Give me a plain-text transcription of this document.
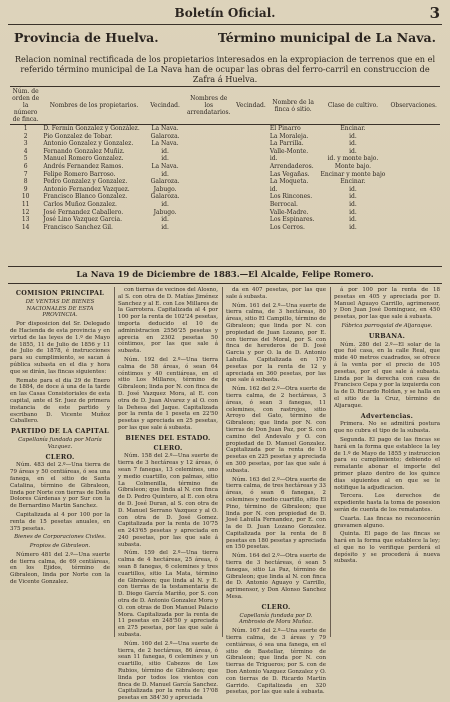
Boletín Oficial.	3
Provincia de Huelva.	Término municipal de La Nava.
Relacion nominal rectificada de los propietarios interesados en la expropiacion de terrenos que en el referido término municipal de La Nava han de ocupar las obras del ferro-carril en construccion de Zafra á Huelva.
Núm. de orden de la número de finca.	Nombres de los propietarios.	Vecindad.	Nombres de los arrendatarios.	Vecindad.	Nombre de la finca ó sitio.	Clase de cultivo.	Observaciones.
1	D. Fermin Gonzalez y González.	La Nava.			El Pinarro	Encinar.	
2	Pio Gonzalez de Tobar.	Galaroza.			La Moraleja.	id.	
3	Antonio Gonzalez y Gonzalez.	La Nava.			La Parrilla.	id.	
4	Fernando Gonzalez Muñiz.	id.			Valle-Monte.	id.	
5	Manuel Romero Gonzalez.	id.			id.	id. y monte bajo.	
6	Andrés Fernandez Ramos.	La Nava.			Arrendaderos.	Monte bajo.	
7	Felipe Romero Barroso.	id.			Las Vegañas.	Encinar y monte bajo	
8	Pedro Gonzalez y Gonzalez.	Galaroza.			La Moqueta.	Encinar.	
9	Antonio Fernandez Vazquez.	Jabugo.			id.	id.	
10	Francisco Blanco Gonzalez.	Galaroza.			Los Rincones.	id.	
11	Carlos Muñoz Gonzalez.	id.			Berrocal.	id.	
12	José Fernandez Caballero.	Jabugo.			Valle-Madre.	id.	
13	José Lino Vazquez Garcia.	id.			Los Espinares.	id.	
14	Francisco Sanchez Gil.	id.			Los Cerros.	id.	
La Nava 19 de Diciembre de 1883.—El Alcalde, Felipe Romero.
COMISION PRINCIPAL
DE VENTAS DE BIENES NACIONALES DE ESTA PROVINCIA.

Por disposicion del Sr. Delegado de Hacienda de esta provincia y en virtud de las leyes de 1.º de Mayo de 1855, 11 de Julio de 1856 y 11 de Julio de 1878, é instrucciones para su cumplimiento, se sacan á pública subasta en el dia y hora que se dirán, las fincas siguientes:

Remate para el dia 29 de Enero de 1884, de doce á una de la tarde en las Casas Consistoriales de esta capital, ante el Sr. Juez de primera instancia de este partido y escribano D. Vicente Muñoz Caballero.

PARTIDO DE LA CAPITAL
Capellanía fundada por María Vazquez.
CLERO.

Núm. 483 del 2.º—Una tierra de 79 áreas y 50 centiáreas, ó sea una fanega, en el sitio de Santa Catalina, término de Gibraleon, linda por Norte con tierras de Doña Dolores Cárdenas y por Sur con la de Bernardino Martin Sanchez.

Capitalizada al 4 por 100 por la renta de 15 pesetas anuales, en 375 pesetas.

Bienes de Corporaciones Civiles.
Propios de Gibraleon.

Número 481 del 2.º—Una suerte de tierra calma, de 69 centiáreas, en los Ejidos, término de Gibraleon, linda por Norte con la de Vicente Gonzalez.

con tierras de vecinos del Alosno, al S. con otra de D. Matías Jiménez Sanchez y al E. con Los Millares de la Garrotera. Capitalizada al 4 por 100 por la renta de 102'24 pesetas, importa deducido el 10 de administracion 2556'25 pesetas y aprecia en 2302 pesetas 50 céntimos, por las que sale á subasta.

Núm. 192 del 2.º—Una tierra calma de 58 áreas, ó sean 64 céntimos y 40 centiáreas, en el sitio Los Millares, término de Gibraleon; linda por N. con finca de D. José Vazquez Mora, al E. con otra de D. Juan Alvarez y al O. con la Dehesa del Jaque. Capitalizada por la renta de 1 peseta en 22'50 pesetas y apreciada en 25 pesetas, por las que sale á subasta.

BIENES DEL ESTADO.
CLERO.

Núm. 158 del 2.º—Una suerte de tierra de 3 hectáreas y 12 áreas, ó sean 7 fanegas, 13 celemines, uno y medio cuartillo, con palmas, sitio La Colmenilla, término de Gibraleon; que linda al N. con finca de D. Pedro Quintero, al E. con otra de D. José Duran, al S. con otra de D. Manuel Serrano Vazquez y al O. con otra de D. José Gomez. Capitalizada por la renta de 10'75 en 243'65 pesetas y apreciada en 240 pesetas, por las que sale á subasta.

Núm. 159 del 2.º—Una tierra calma de 4 hectáreas, 25 áreas, ó sean 8 fanegas, 6 celemines y tres cuartillos, sitio La Mata, término de Gibraleon; que linda al N. y E. con tierras de la testamentaria de D. Diego García Mariño, por S. con otra de D. Antonio Gonzalez Mora y O. con otras de Don Manuel Palacio Mora. Capitalizada por la renta de 11 pesetas en 248'50 y apreciada en 275 pesetas, por las que sale á subasta.

Núm. 160 del 2.º—Una suerte de tierra, de 2 hectáreas, 86 áreas, ó sean 11 fanegas, 6 celemines y un cuartillo, sitio Cabezos de Los Rubios, término de Gibraleon; que linda por todos los vientos con finca de D. Manuel García Sanchez. Capitalizada por la renta de 17'08 pesetas en 384'30 y apreciada

da en 407 pesetas, por las que sale á subasta.

Núm. 161 del 2.º—Una suerte de tierra calma, de 3 hectáreas, 80 áreas, sitio El Campillo, término de Gibraleon; que linda por N. con propiedad de Juan Lozano, por E. con tierras del Moral, por S. con finca de herederos de D. José Garcia y por O. la de D. Antonio Lahulla. Capitalizada en 170 pesetas por la renta de 12 y apreciada en 360 pesetas, por las que sale á subasta.

Núm. 162 del 2.º—Otra suerte de tierra calma, de 2 hectáreas, 3 áreas, ó sean 3 fanegas, 11 celemines, con rastrojos, sitio Arroyo del Gato, término de Gibraleon; que linda por N. con tierras de Don Juan Paz, por S. con camino del Andevalo y O. con propiedad de D. Manuel Gonzalez. Capitalizada por la renta de 10 pesetas en 225 pesetas y apreciada en 300 pesetas, por las que sale á subasta.

Núm. 163 del 2.º—Otra suerte de tierra calma, de tres hectáreas y 33 áreas, ó sean 6 fanegas, 2 celemines y medio cuartillo, sitio El Pino, término de Gibraleon; que linda por N. con propiedad de D. José Lahulla Fernandez, por E. con la de D. Juan Lozano Gonzalez. Capitalizada por la renta de 8 pesetas en 180 pesetas y apreciada en 150 pesetas.

Núm. 164 del 2.º—Otra suerte de tierra de 3 hectáreas, ó sean 5 fanegas, sitio La Paz, término de Gibraleon; que linda al N. con finca de D. Antonio Aguayo y Carrillo, agrimensor, y Don Alonso Sanchez Mesa.

CLERO.
Capellanía fundada por D. Ambrosio de Mora Muñoz.

Núm. 167 del 2.º—Una suerte de tierra calma, de 3 áreas y 79 centiáreas, ó sea una fanega, en el sitio de Bastellar, término de Gibraleon; que linda por N. con tierras de Trigueros; por S. con de Don Antonio Vazquez Gonzalez y O. con tierras de D. Ricardo Martin Garrido. Capitalizada en 320 pesetas, por las que sale á subasta.

á por 100 por la renta de 18 pesetas en 405 y apreciada por D. Manuel Aguayo Carrillo, agrimensor, y Don Juan José Dominguez, en 450 pesetas, por las que sale á subasta.

Fábrica parroquial de Aljaraque.
URBANA.

Núm. 280 del 2.º—El solar de la que fué casa, en la calle Real, que mide 40 metros cuadrados, se ofrece á la venta por el precio de 105 pesetas, por el que sale á subasta. Linda por la derecha con casa de Francisco Cepa y por la izquierda con la de D. Ricardo Roldan, y se halla en el sitio de la Cruz, término de Aljaraque.

Advertencias.

Primera. No se admitirá postura que no cubra el tipo de la subasta.

Segunda. El pago de las fincas se hará en la forma que establece la ley de 1.º de Mayo de 1855 y instruccion para su cumplimiento; debiendo el rematante abonar el importe del primer plazo dentro de los quince dias siguientes al en que se le notifique la adjudicacion.

Tercera. Los derechos de expediente hasta la toma de posesion serán de cuenta de los rematantes.

Cuarta. Las fincas no reconocerán gravamen alguno.

Quinta. El pago de las fincas se hará en la forma que establece la ley; el que no lo verifique perderá el depósito y se procederá á nueva subasta.
